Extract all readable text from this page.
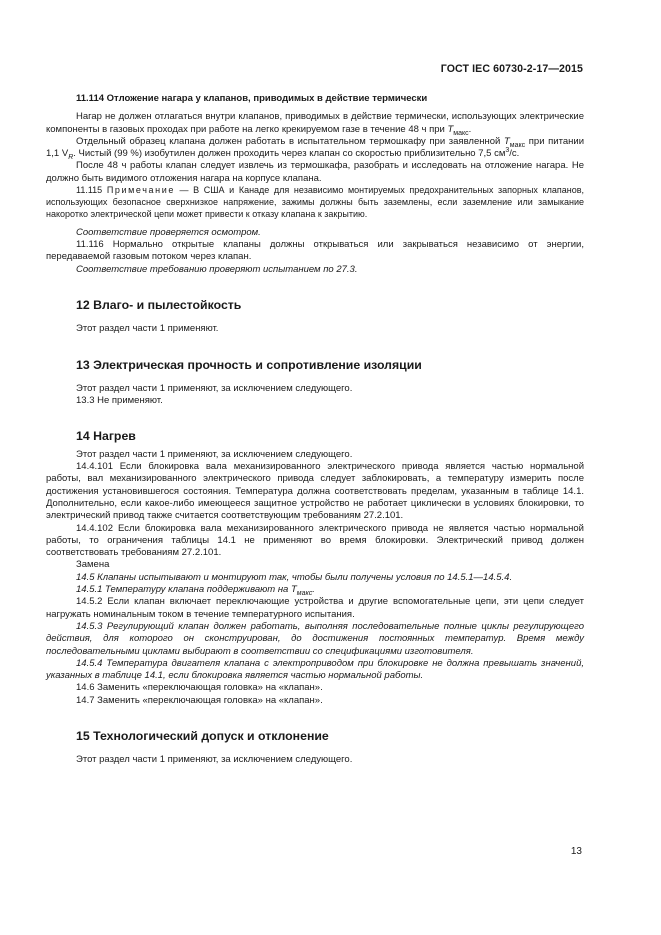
ГОСТ IEC 60730-2-17—2015

11.114 Отложение нагара у клапанов, приводимых в действие термически

Нагар не должен отлагаться внутри клапанов, приводимых в действие термически, использующих электрические компоненты в газовых проходах при работе на легко крекируемом газе в течение 48 ч при $T_{макс}$.

Отдельный образец клапана должен работать в испытательном термошкафу при заявленной $T_{макс}$ при питании 1,1 $V_R$. Чистый (99 %) изобутилен должен проходить через клапан со скоростью приблизительно 7,5 $см^3/с$.

После 48 ч работы клапан следует извлечь из термошкафа, разобрать и исследовать на отложение нагара. Не должно быть видимого отложения нагара на корпусе клапана.

11.115 Примечание — В США и Канаде для независимо монтируемых предохранительных запорных клапанов, использующих безопасное сверхнизкое напряжение, зажимы должны быть заземлены, если заземление или замыкание накоротко электрической цепи может привести к отказу клапана к закрытию.

Соответствие проверяется осмотром.

11.116 Нормально открытые клапаны должны открываться или закрываться независимо от энергии, передаваемой газовым потоком через клапан.

Соответствие требованию проверяют испытанием по 27.3.

12 Влаго- и пылестойкость

Этот раздел части 1 применяют.

13 Электрическая прочность и сопротивление изоляции

Этот раздел части 1 применяют, за исключением следующего.

13.3 Не применяют.

14 Нагрев

Этот раздел части 1 применяют, за исключением следующего.

14.4.101 Если блокировка вала механизированного электрического привода является частью нормальной работы, вал механизированного электрического привода следует заблокировать, а температуру измерить после достижения установившегося состояния. Температура должна соответствовать пределам, указанным в таблице 14.1. Дополнительно, если какое-либо имеющееся защитное устройство не работает циклически в условиях блокировки, то электрический привод также считается соответствующим требованиям 27.2.101.

14.4.102 Если блокировка вала механизированного электрического привода не является частью нормальной работы, то ограничения таблицы 14.1 не применяют во время блокировки. Электрический привод должен соответствовать требованиям 27.2.101.

Замена

14.5 Клапаны испытывают и монтируют так, чтобы были получены условия по 14.5.1—14.5.4.

14.5.1 Температуру клапана поддерживают на $T_{макс}$.

14.5.2 Если клапан включает переключающие устройства и другие вспомогательные цепи, эти цепи следует нагружать номинальным током в течение температурного испытания.

14.5.3 Регулирующий клапан должен работать, выполняя последовательные полные циклы регулирующего действия, для которого он сконструирован, до достижения постоянных температур. Время между последовательными циклами выбирают в соответствии со спецификациями изготовителя.

14.5.4 Температура двигателя клапана с электроприводом при блокировке не должна превышать значений, указанных в таблице 14.1, если блокировка является частью нормальной работы.

14.6 Заменить «переключающая головка» на «клапан».

14.7 Заменить «переключающая головка» на «клапан».

15 Технологический допуск и отклонение

Этот раздел части 1 применяют, за исключением следующего.

13
